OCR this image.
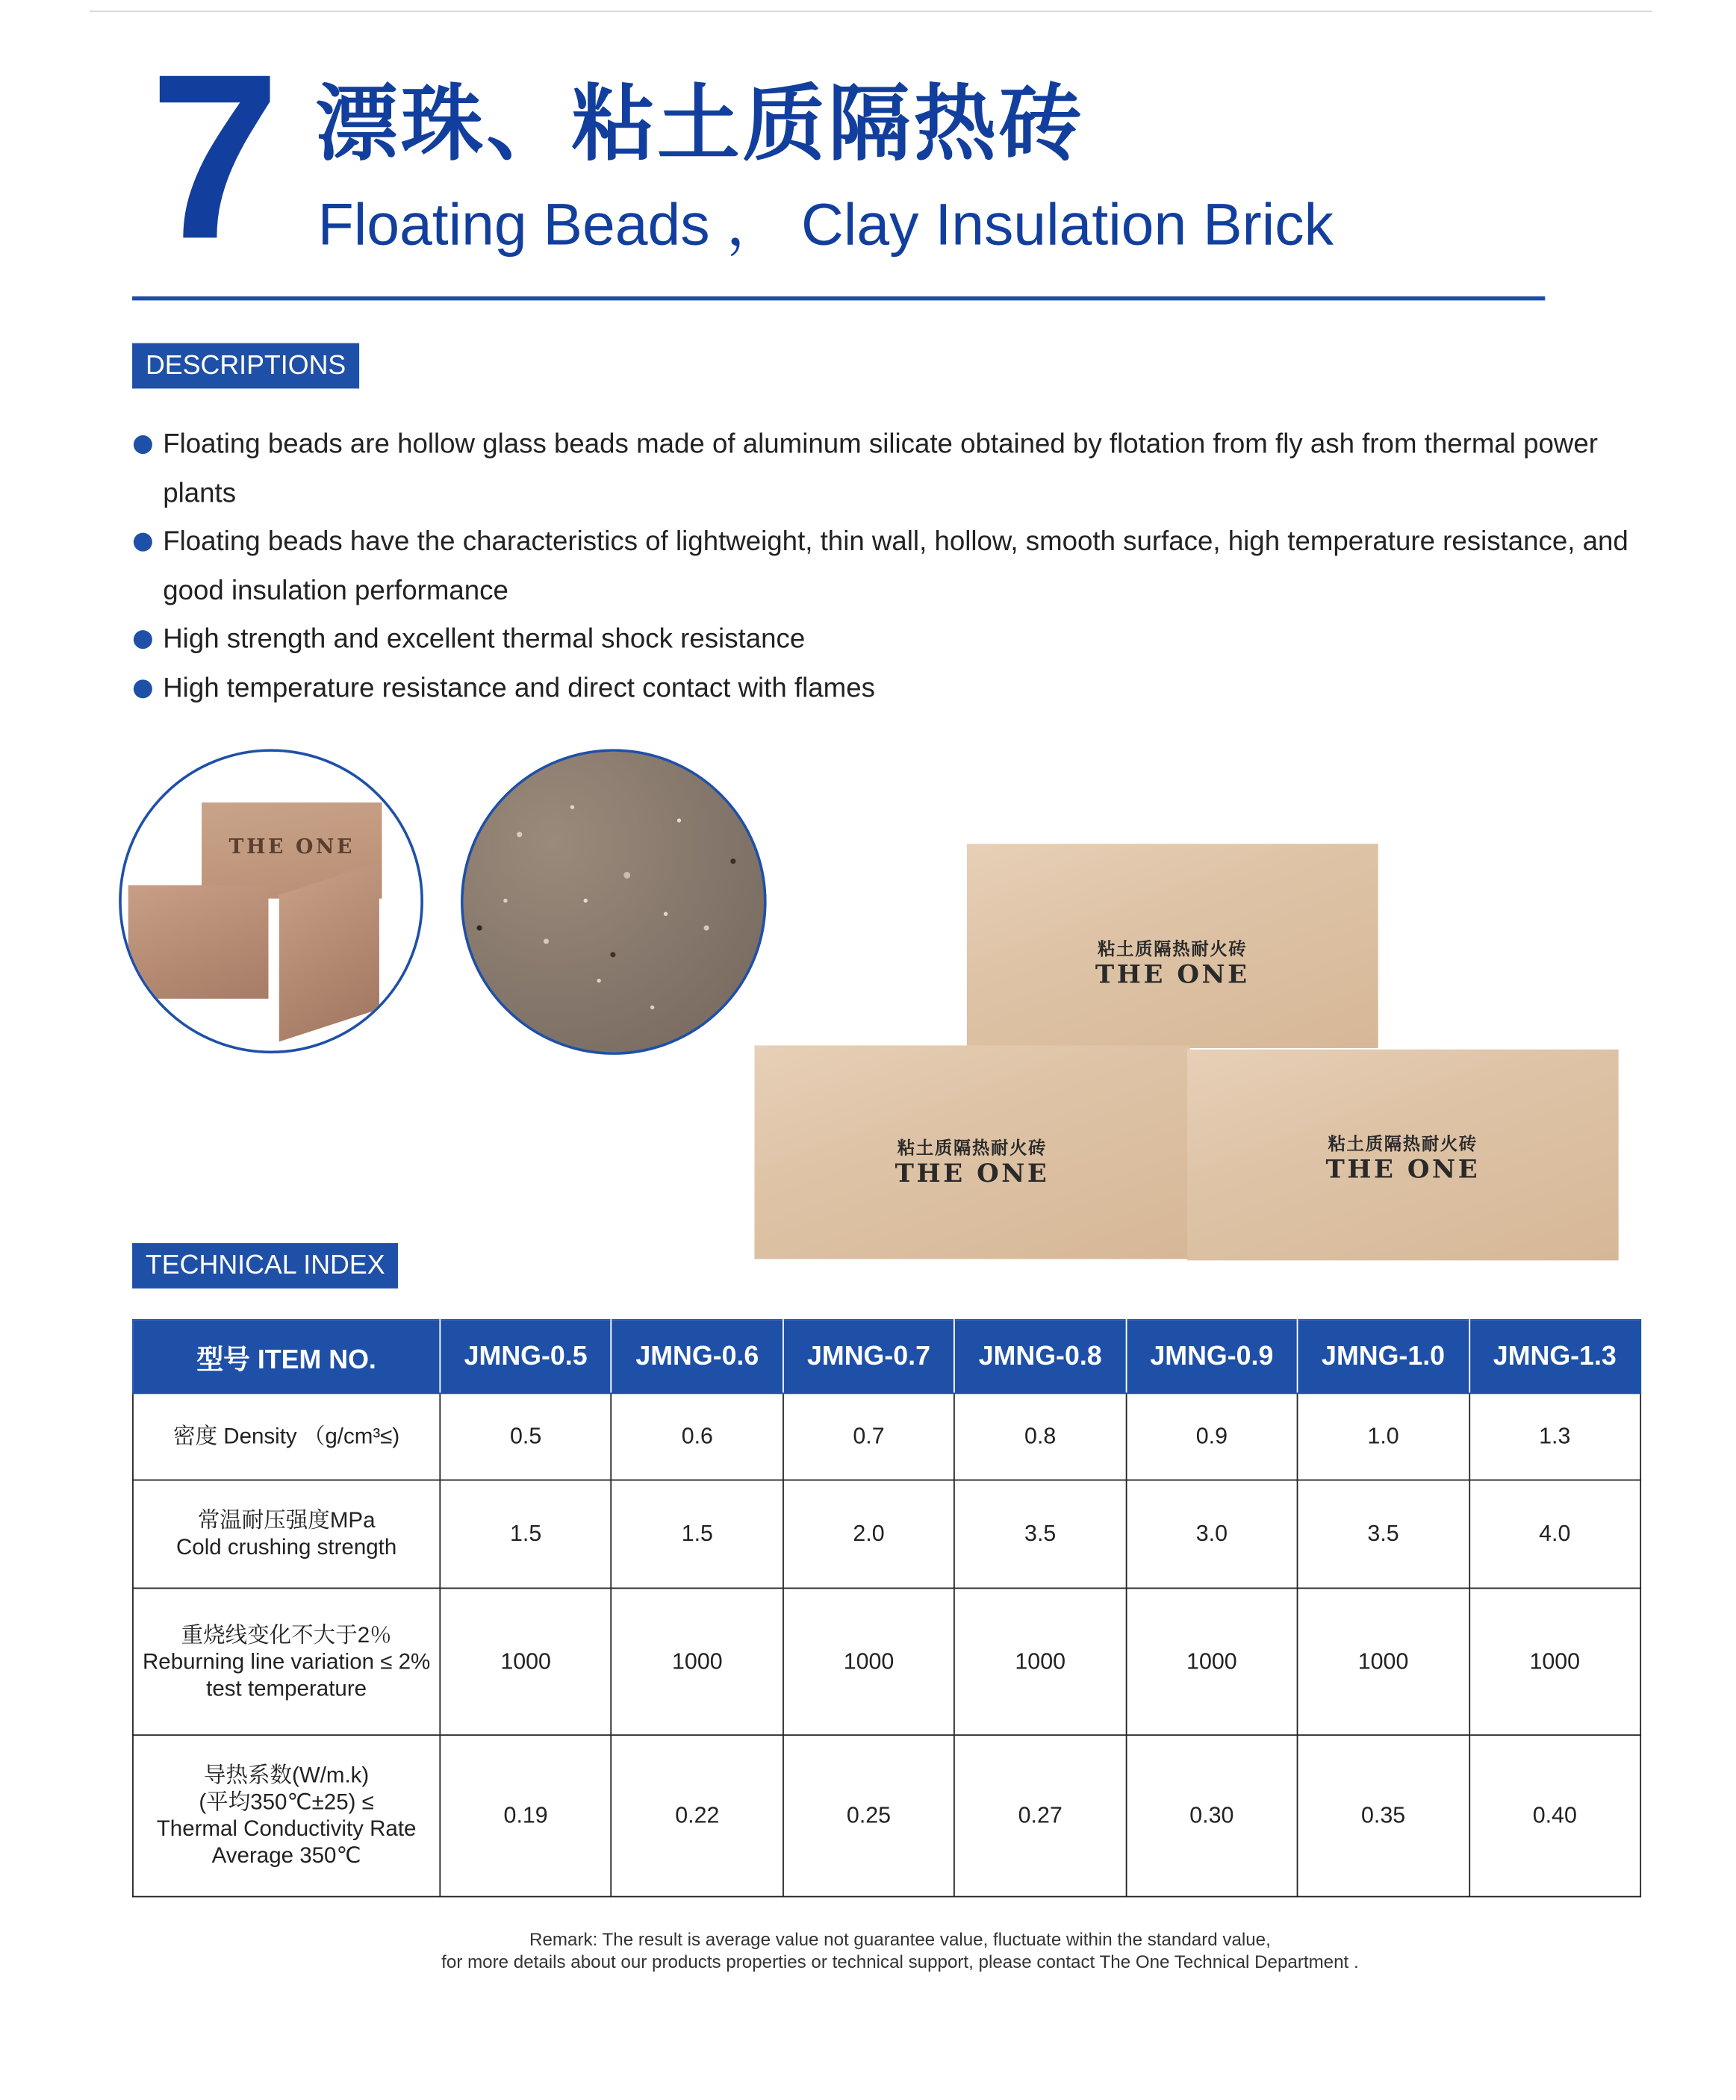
7 漂珠、粘土质隔热砖
Floating Beads ， Clay Insulation Brick
DESCRIPTIONS
Floating beads are hollow glass beads made of aluminum silicate obtained by flotation from fly ash from thermal power plants
Floating beads have the characteristics of lightweight, thin wall, hollow, smooth surface, high temperature resistance, and good insulation performance
High strength and excellent thermal shock resistance
High temperature resistance and direct contact with flames
THE ONE
粘土质隔热耐火砖
THE ONE
粘土质隔热耐火砖
THE ONE
粘土质隔热耐火砖
THE ONE
TECHNICAL INDEX
型号 ITEM NO.	JMNG-0.5	JMNG-0.6	JMNG-0.7	JMNG-0.8	JMNG-0.9	JMNG-1.0	JMNG-1.3

密度 Density （g/cm³≤)	0.5	0.6	0.7	0.8	0.9	1.0	1.3

常温耐压强度MPa
Cold crushing strength	1.5	1.5	2.0	3.5	3.0	3.5	4.0

重烧线变化不大于2％
Reburning line variation ≤ 2%
test temperature	1000	1000	1000	1000	1000	1000	1000

导热系数(W/m.k)
(平均350℃±25) ≤
Thermal Conductivity Rate
Average 350℃	0.19	0.22	0.25	0.27	0.30	0.35	0.40
Remark: The result is average value not guarantee value, fluctuate within the standard value,
for more details about our products properties or technical support, please contact The One Technical Department .
